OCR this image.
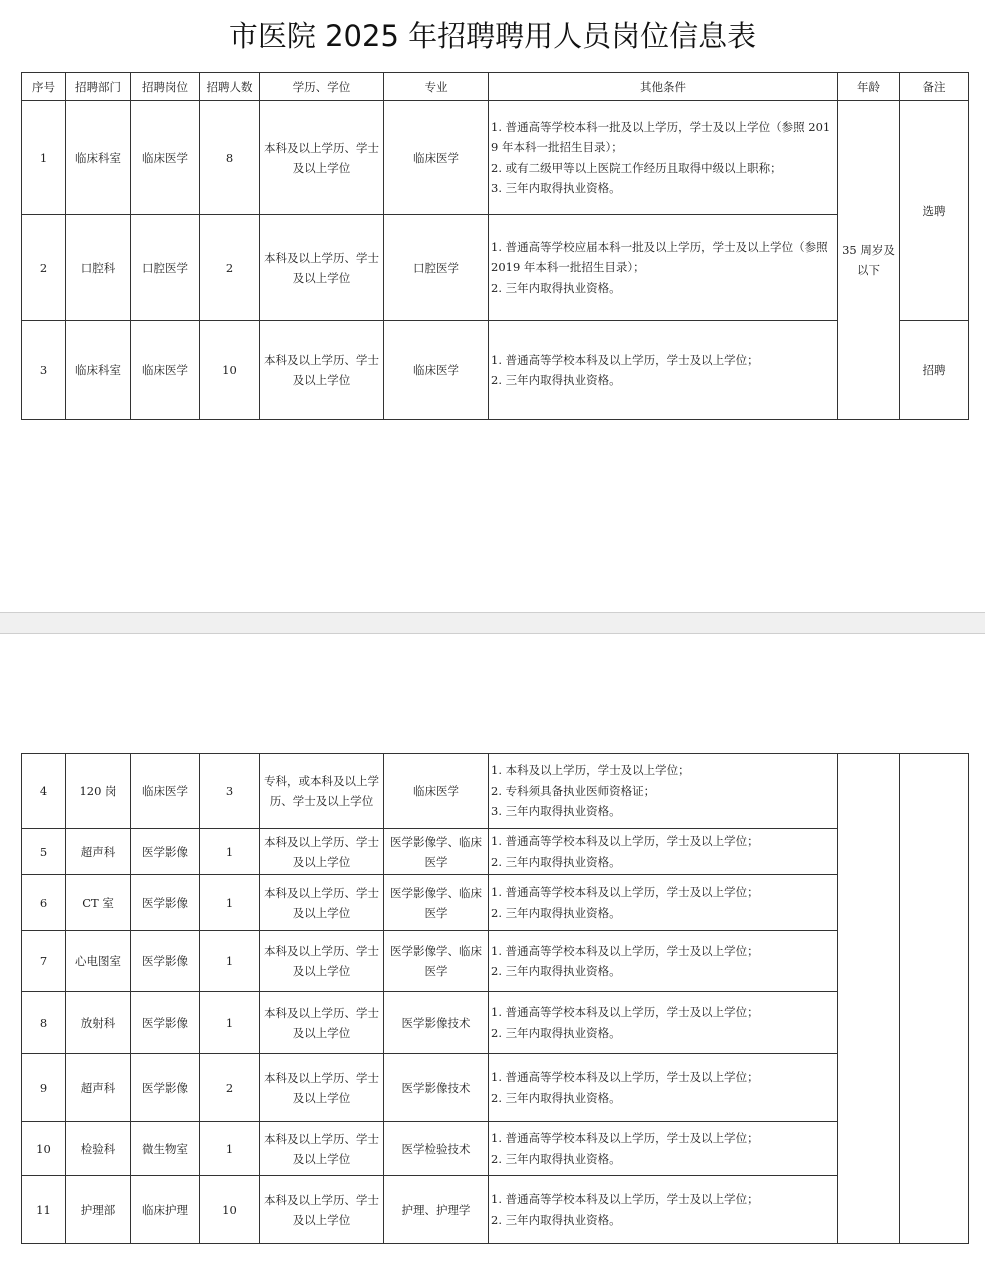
市医院 2025 年招聘聘用人员岗位信息表
序号	招聘部门	招聘岗位	招聘人数	学历、学位	专业	其他条件	年龄	备注
1	临床科室	临床医学	8	本科及以上学历、学士及以上学位	临床医学	1. 普通高等学校本科一批及以上学历，学士及以上学位（参照 2019 年本科一批招生目录）；
2. 或有二级甲等以上医院工作经历且取得中级以上职称；
3. 三年内取得执业资格。	35 周岁及以下	选聘
2	口腔科	口腔医学	2	本科及以上学历、学士及以上学位	口腔医学	1. 普通高等学校应届本科一批及以上学历，学士及以上学位（参照 2019 年本科一批招生目录）；
2. 三年内取得执业资格。		

3	临床科室	临床医学	10	本科及以上学历、学士及以上学位	临床医学	1. 普通高等学校本科及以上学历，学士及以上学位；
2. 三年内取得执业资格。		招聘
4	120 岗	临床医学	3	专科，或本科及以上学历、学士及以上学位	临床医学	1. 本科及以上学历，学士及以上学位；
2. 专科须具备执业医师资格证；
3. 三年内取得执业资格。		

5	超声科	医学影像	1	本科及以上学历、学士及以上学位	医学影像学、临床医学	1. 普通高等学校本科及以上学历，学士及以上学位；
2. 三年内取得执业资格。		

6	CT 室	医学影像	1	本科及以上学历、学士及以上学位	医学影像学、临床医学	1. 普通高等学校本科及以上学历，学士及以上学位；
2. 三年内取得执业资格。		

7	心电图室	医学影像	1	本科及以上学历、学士及以上学位	医学影像学、临床医学	1. 普通高等学校本科及以上学历，学士及以上学位；
2. 三年内取得执业资格。		

8	放射科	医学影像	1	本科及以上学历、学士及以上学位	医学影像技术	1. 普通高等学校本科及以上学历，学士及以上学位；
2. 三年内取得执业资格。		

9	超声科	医学影像	2	本科及以上学历、学士及以上学位	医学影像技术	1. 普通高等学校本科及以上学历，学士及以上学位；
2. 三年内取得执业资格。		

10	检验科	微生物室	1	本科及以上学历、学士及以上学位	医学检验技术	1. 普通高等学校本科及以上学历，学士及以上学位；
2. 三年内取得执业资格。		

11	护理部	临床护理	10	本科及以上学历、学士及以上学位	护理、护理学	1. 普通高等学校本科及以上学历，学士及以上学位；
2. 三年内取得执业资格。		
